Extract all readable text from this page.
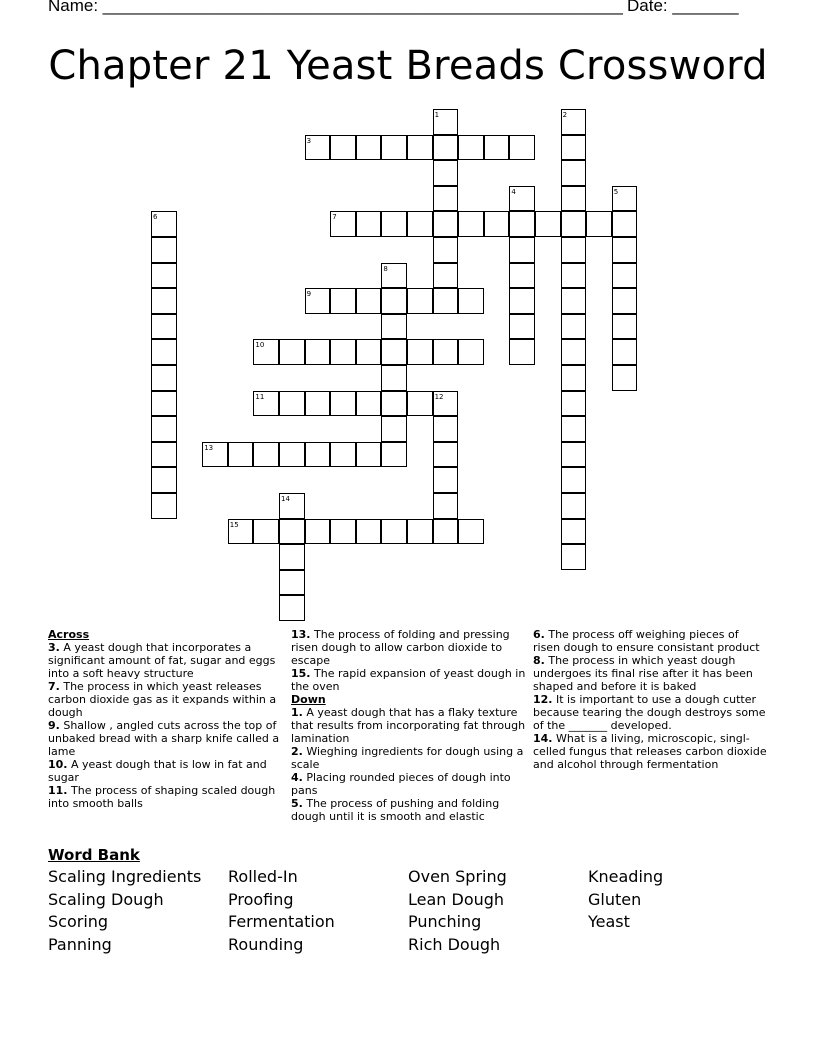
Name: _______________________________________________________ Date: _______
Chapter 21 Yeast Breads Crossword
3
7
9
10
11	12
13
15
1	2
4	5
6
8
14
Across
3. A yeast dough that incorporates a significant amount of fat, sugar and eggs into a soft heavy structure
7. The process in which yeast releases carbon dioxide gas as it expands within a dough
9. Shallow , angled cuts across the top of unbaked bread with a sharp knife called a lame
10. A yeast dough that is low in fat and sugar
11. The process of shaping scaled dough into smooth balls
13. The process of folding and pressing risen dough to allow carbon dioxide to escape
15. The rapid expansion of yeast dough in the oven
Down
1. A yeast dough that has a flaky texture that results from incorporating fat through lamination
2. Wieghing ingredients for dough using a scale
4. Placing rounded pieces of dough into pans
5. The process of pushing and folding dough until it is smooth and elastic
6. The process off weighing pieces of risen dough to ensure consistant product
8. The process in which yeast dough undergoes its final rise after it has been shaped and before it is baked
12. It is important to use a dough cutter because tearing the dough destroys some of the _______ developed.
14. What is a living, microscopic, singl-celled fungus that releases carbon dioxide and alcohol through fermentation
Word Bank
Scaling Ingredients
Scaling Dough
Scoring
Panning
Rolled-In
Proofing
Fermentation
Rounding
Oven Spring
Lean Dough
Punching
Rich Dough
Kneading
Gluten
Yeast
